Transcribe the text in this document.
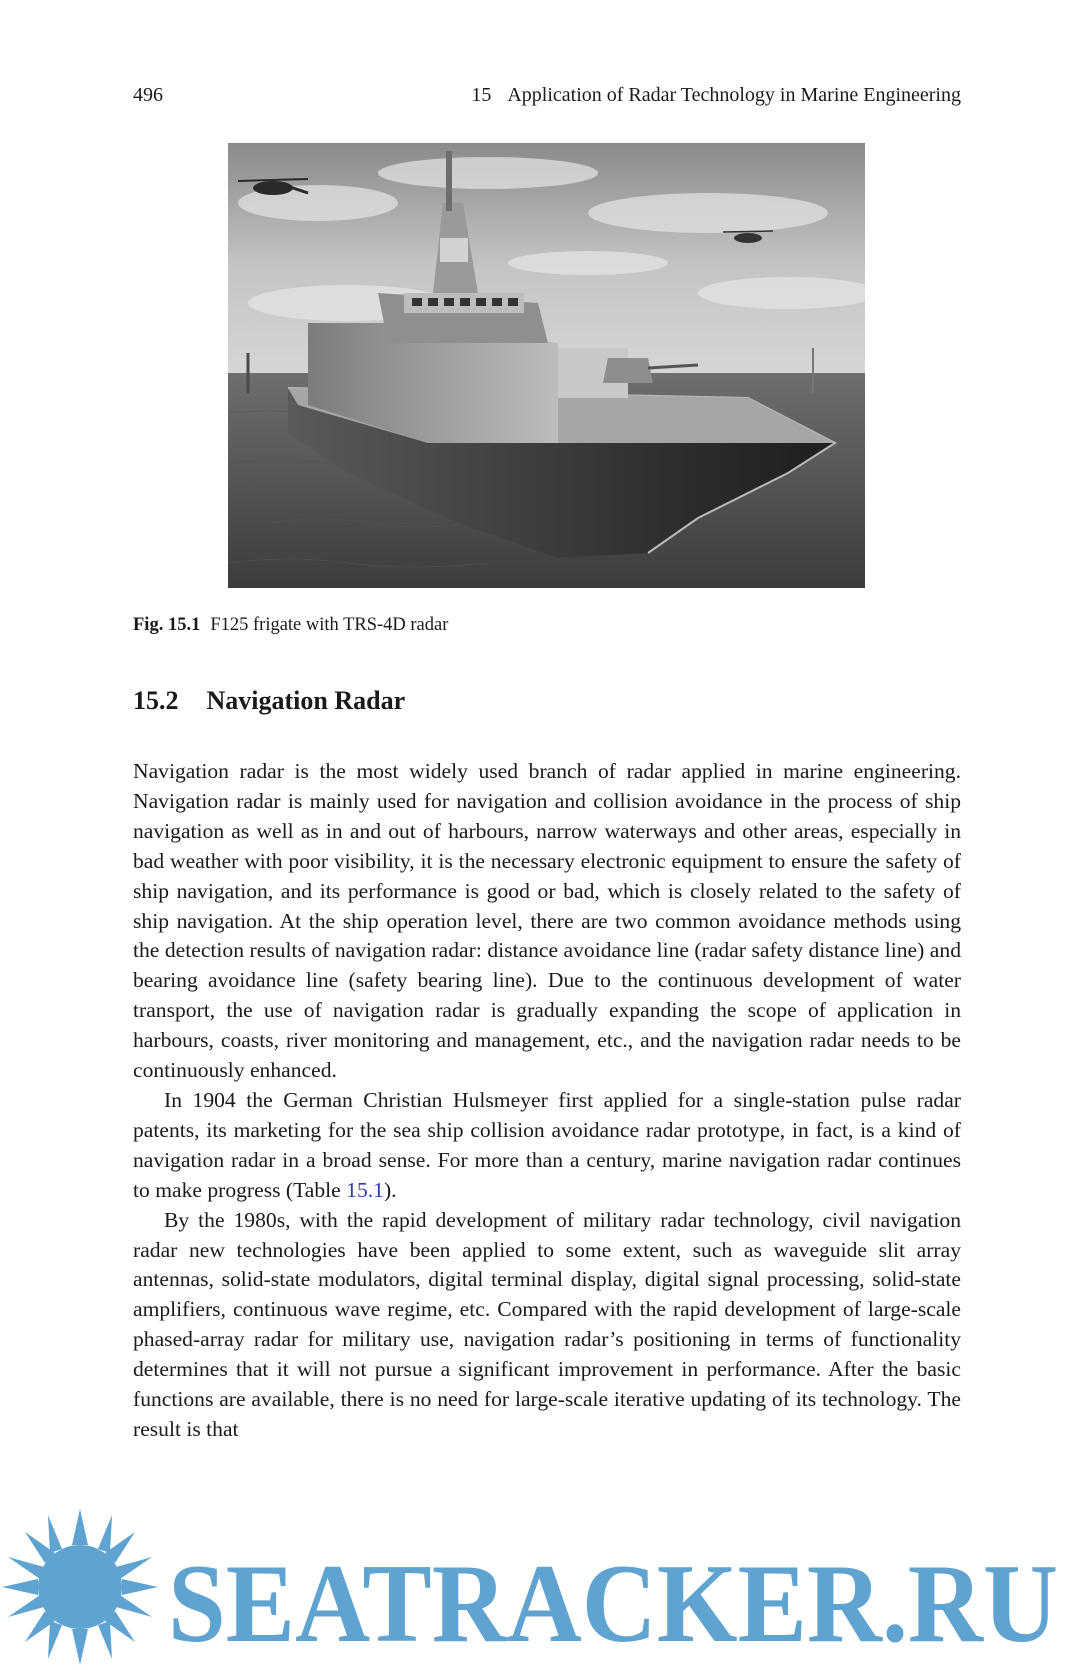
496	15 Application of Radar Technology in Marine Engineering
Fig. 15.1 F125 frigate with TRS-4D radar
15.2 Navigation Radar

Navigation radar is the most widely used branch of radar applied in marine engineering. Navigation radar is mainly used for navigation and collision avoidance in the process of ship navigation as well as in and out of harbours, narrow waterways and other areas, especially in bad weather with poor visibility, it is the necessary electronic equipment to ensure the safety of ship navigation, and its performance is good or bad, which is closely related to the safety of ship navigation. At the ship operation level, there are two common avoidance methods using the detection results of navigation radar: distance avoidance line (radar safety distance line) and bearing avoidance line (safety bearing line). Due to the continuous development of water transport, the use of navigation radar is gradually expanding the scope of application in harbours, coasts, river monitoring and management, etc., and the navigation radar needs to be continuously enhanced.

In 1904 the German Christian Hulsmeyer first applied for a single-station pulse radar patents, its marketing for the sea ship collision avoidance radar prototype, in fact, is a kind of navigation radar in a broad sense. For more than a century, marine navigation radar continues to make progress (Table 15.1).

By the 1980s, with the rapid development of military radar technology, civil navigation radar new technologies have been applied to some extent, such as waveguide slit array antennas, solid-state modulators, digital terminal display, digital signal processing, solid-state amplifiers, continuous wave regime, etc. Compared with the rapid development of large-scale phased-array radar for military use, navigation radar’s positioning in terms of functionality determines that it will not pursue a significant improvement in performance. After the basic functions are available, there is no need for large-scale iterative updating of its technology. The result is that

SEATRACKER.RU
